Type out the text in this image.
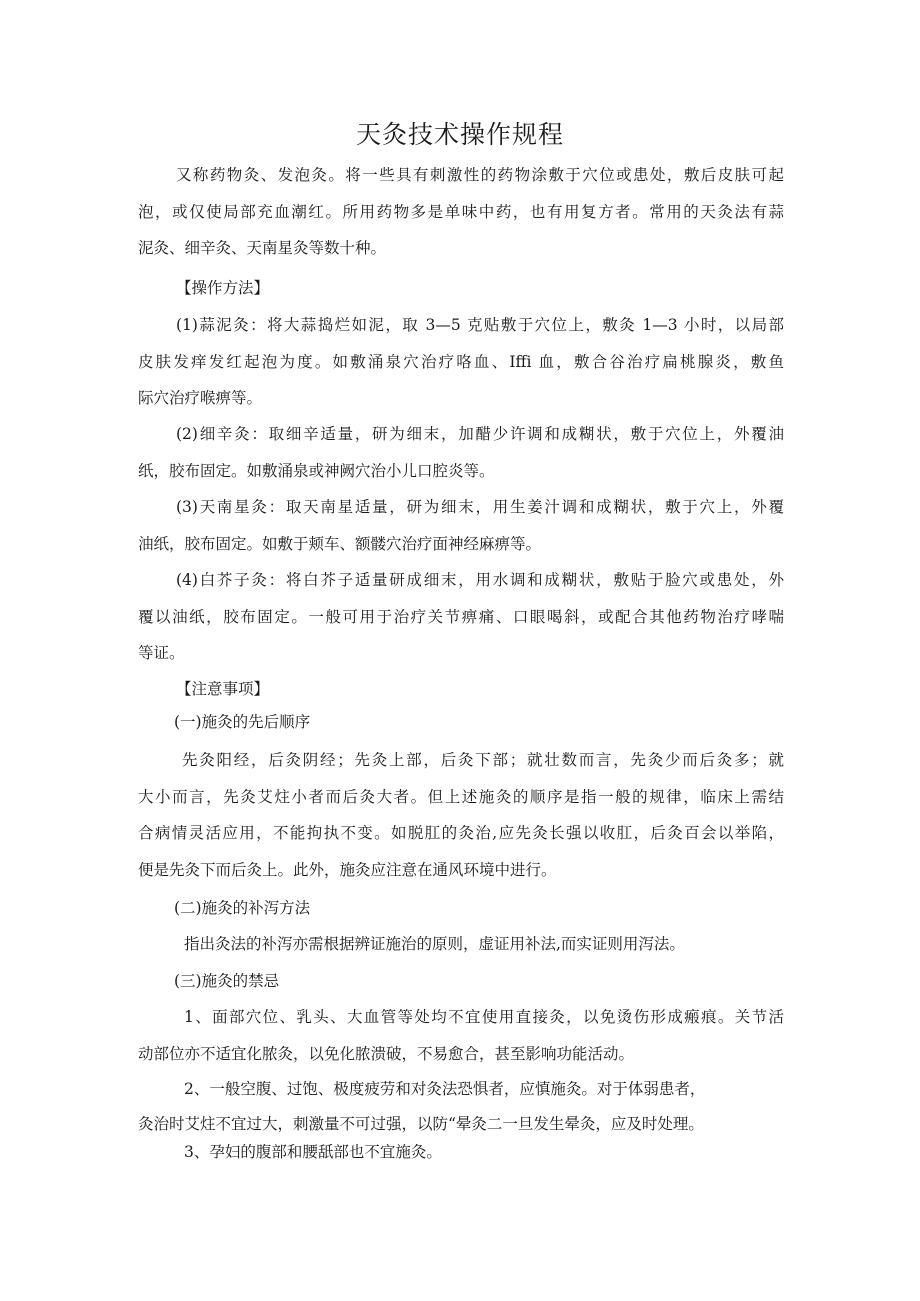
天灸技术操作规程
又称药物灸、发泡灸。将一些具有刺激性的药物涂敷于穴位或患处，敷后皮肤可起
泡，或仅使局部充血潮红。所用药物多是单味中药，也有用复方者。常用的天灸法有蒜
泥灸、细辛灸、天南星灸等数十种。
【操作方法】
(1)蒜泥灸：将大蒜捣烂如泥，取 3—5 克贴敷于穴位上，敷灸 1—3 小时，以局部
皮肤发痒发红起泡为度。如敷涌泉穴治疗咯血、Iffi 血，敷合谷治疗扁桃腺炎，敷鱼
际穴治疗喉痹等。
(2)细辛灸：取细辛适量，研为细末，加醋少许调和成糊状，敷于穴位上，外覆油
纸，胶布固定。如敷涌泉或神阙穴治小儿口腔炎等。
(3)天南星灸：取天南星适量，研为细末，用生姜汁调和成糊状，敷于穴上，外覆
油纸，胶布固定。如敷于颊车、额髅穴治疗面神经麻痹等。
(4)白芥子灸：将白芥子适量研成细末，用水调和成糊状，敷贴于脸穴或患处，外
覆以油纸，胶布固定。一般可用于治疗关节痹痛、口眼喝斜，或配合其他药物治疗哮喘
等证。
【注意事项】
(一)施灸的先后顺序
先灸阳经，后灸阴经；先灸上部，后灸下部；就壮数而言，先灸少而后灸多；就
大小而言，先灸艾炷小者而后灸大者。但上述施灸的顺序是指一般的规律，临床上需结
合病情灵活应用，不能拘执不变。如脱肛的灸治,应先灸长强以收肛，后灸百会以举陷，
便是先灸下而后灸上。此外，施灸应注意在通风环境中进行。
(二)施灸的补泻方法
指出灸法的补泻亦需根据辨证施治的原则，虚证用补法,而实证则用泻法。
(三)施灸的禁忌
1、面部穴位、乳头、大血管等处均不宜使用直接灸，以免烫伤形成瘢痕。关节活
动部位亦不适宜化脓灸，以免化脓溃破，不易愈合，甚至影响功能活动。
2、一般空腹、过饱、极度疲劳和对灸法恐惧者，应慎施灸。对于体弱患者，
灸治时艾炷不宜过大，刺激量不可过强，以防“晕灸二一旦发生晕灸，应及时处理。
3、孕妇的腹部和腰舐部也不宜施灸。
